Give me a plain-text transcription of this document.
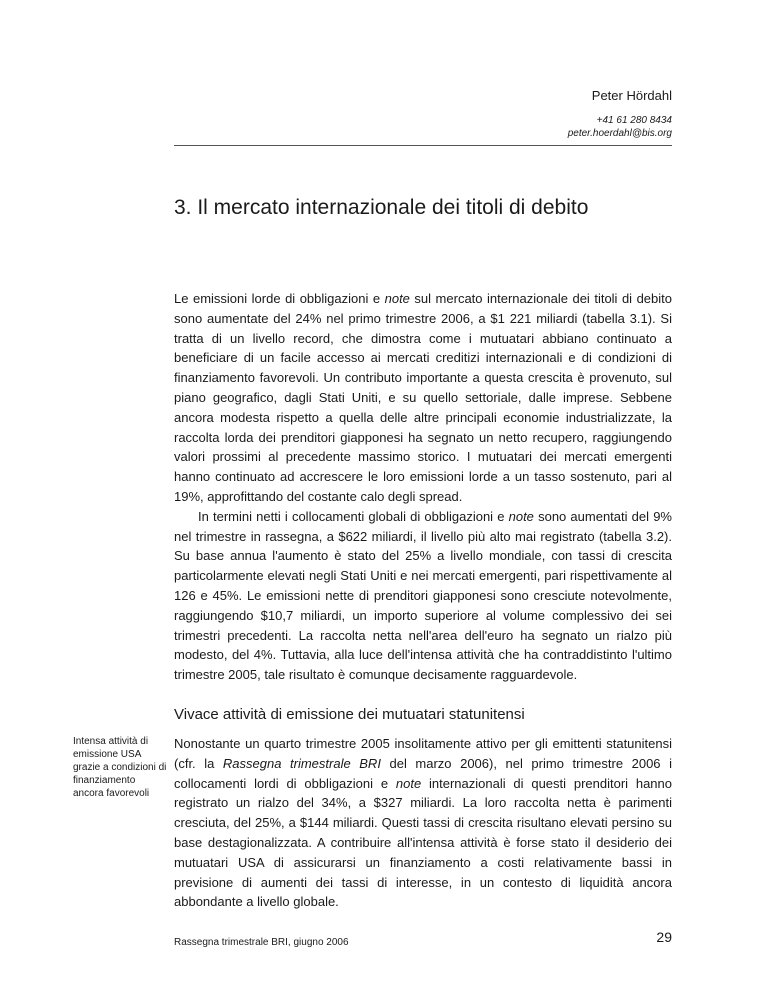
Peter Hördahl
+41 61 280 8434
peter.hoerdahl@bis.org
3. Il mercato internazionale dei titoli di debito

Le emissioni lorde di obbligazioni e note sul mercato internazionale dei titoli di debito sono aumentate del 24% nel primo trimestre 2006, a $1 221 miliardi (tabella 3.1). Si tratta di un livello record, che dimostra come i mutuatari abbiano continuato a beneficiare di un facile accesso ai mercati creditizi internazionali e di condizioni di finanziamento favorevoli. Un contributo importante a questa crescita è provenuto, sul piano geografico, dagli Stati Uniti, e su quello settoriale, dalle imprese. Sebbene ancora modesta rispetto a quella delle altre principali economie industrializzate, la raccolta lorda dei prenditori giapponesi ha segnato un netto recupero, raggiungendo valori prossimi al precedente massimo storico. I mutuatari dei mercati emergenti hanno continuato ad accrescere le loro emissioni lorde a un tasso sostenuto, pari al 19%, approfittando del costante calo degli spread.

In termini netti i collocamenti globali di obbligazioni e note sono aumentati del 9% nel trimestre in rassegna, a $622 miliardi, il livello più alto mai registrato (tabella 3.2). Su base annua l'aumento è stato del 25% a livello mondiale, con tassi di crescita particolarmente elevati negli Stati Uniti e nei mercati emergenti, pari rispettivamente al 126 e 45%. Le emissioni nette di prenditori giapponesi sono cresciute notevolmente, raggiungendo $10,7 miliardi, un importo superiore al volume complessivo dei sei trimestri precedenti. La raccolta netta nell'area dell'euro ha segnato un rialzo più modesto, del 4%. Tuttavia, alla luce dell'intensa attività che ha contraddistinto l'ultimo trimestre 2005, tale risultato è comunque decisamente ragguardevole.

Vivace attività di emissione dei mutuatari statunitensi
Intensa attività di emissione USA grazie a condizioni di finanziamento ancora favorevoli

Nonostante un quarto trimestre 2005 insolitamente attivo per gli emittenti statunitensi (cfr. la Rassegna trimestrale BRI del marzo 2006), nel primo trimestre 2006 i collocamenti lordi di obbligazioni e note internazionali di questi prenditori hanno registrato un rialzo del 34%, a $327 miliardi. La loro raccolta netta è parimenti cresciuta, del 25%, a $144 miliardi. Questi tassi di crescita risultano elevati persino su base destagionalizzata. A contribuire all'intensa attività è forse stato il desiderio dei mutuatari USA di assicurarsi un finanziamento a costi relativamente bassi in previsione di aumenti dei tassi di interesse, in un contesto di liquidità ancora abbondante a livello globale.

Rassegna trimestrale BRI, giugno 2006	29
